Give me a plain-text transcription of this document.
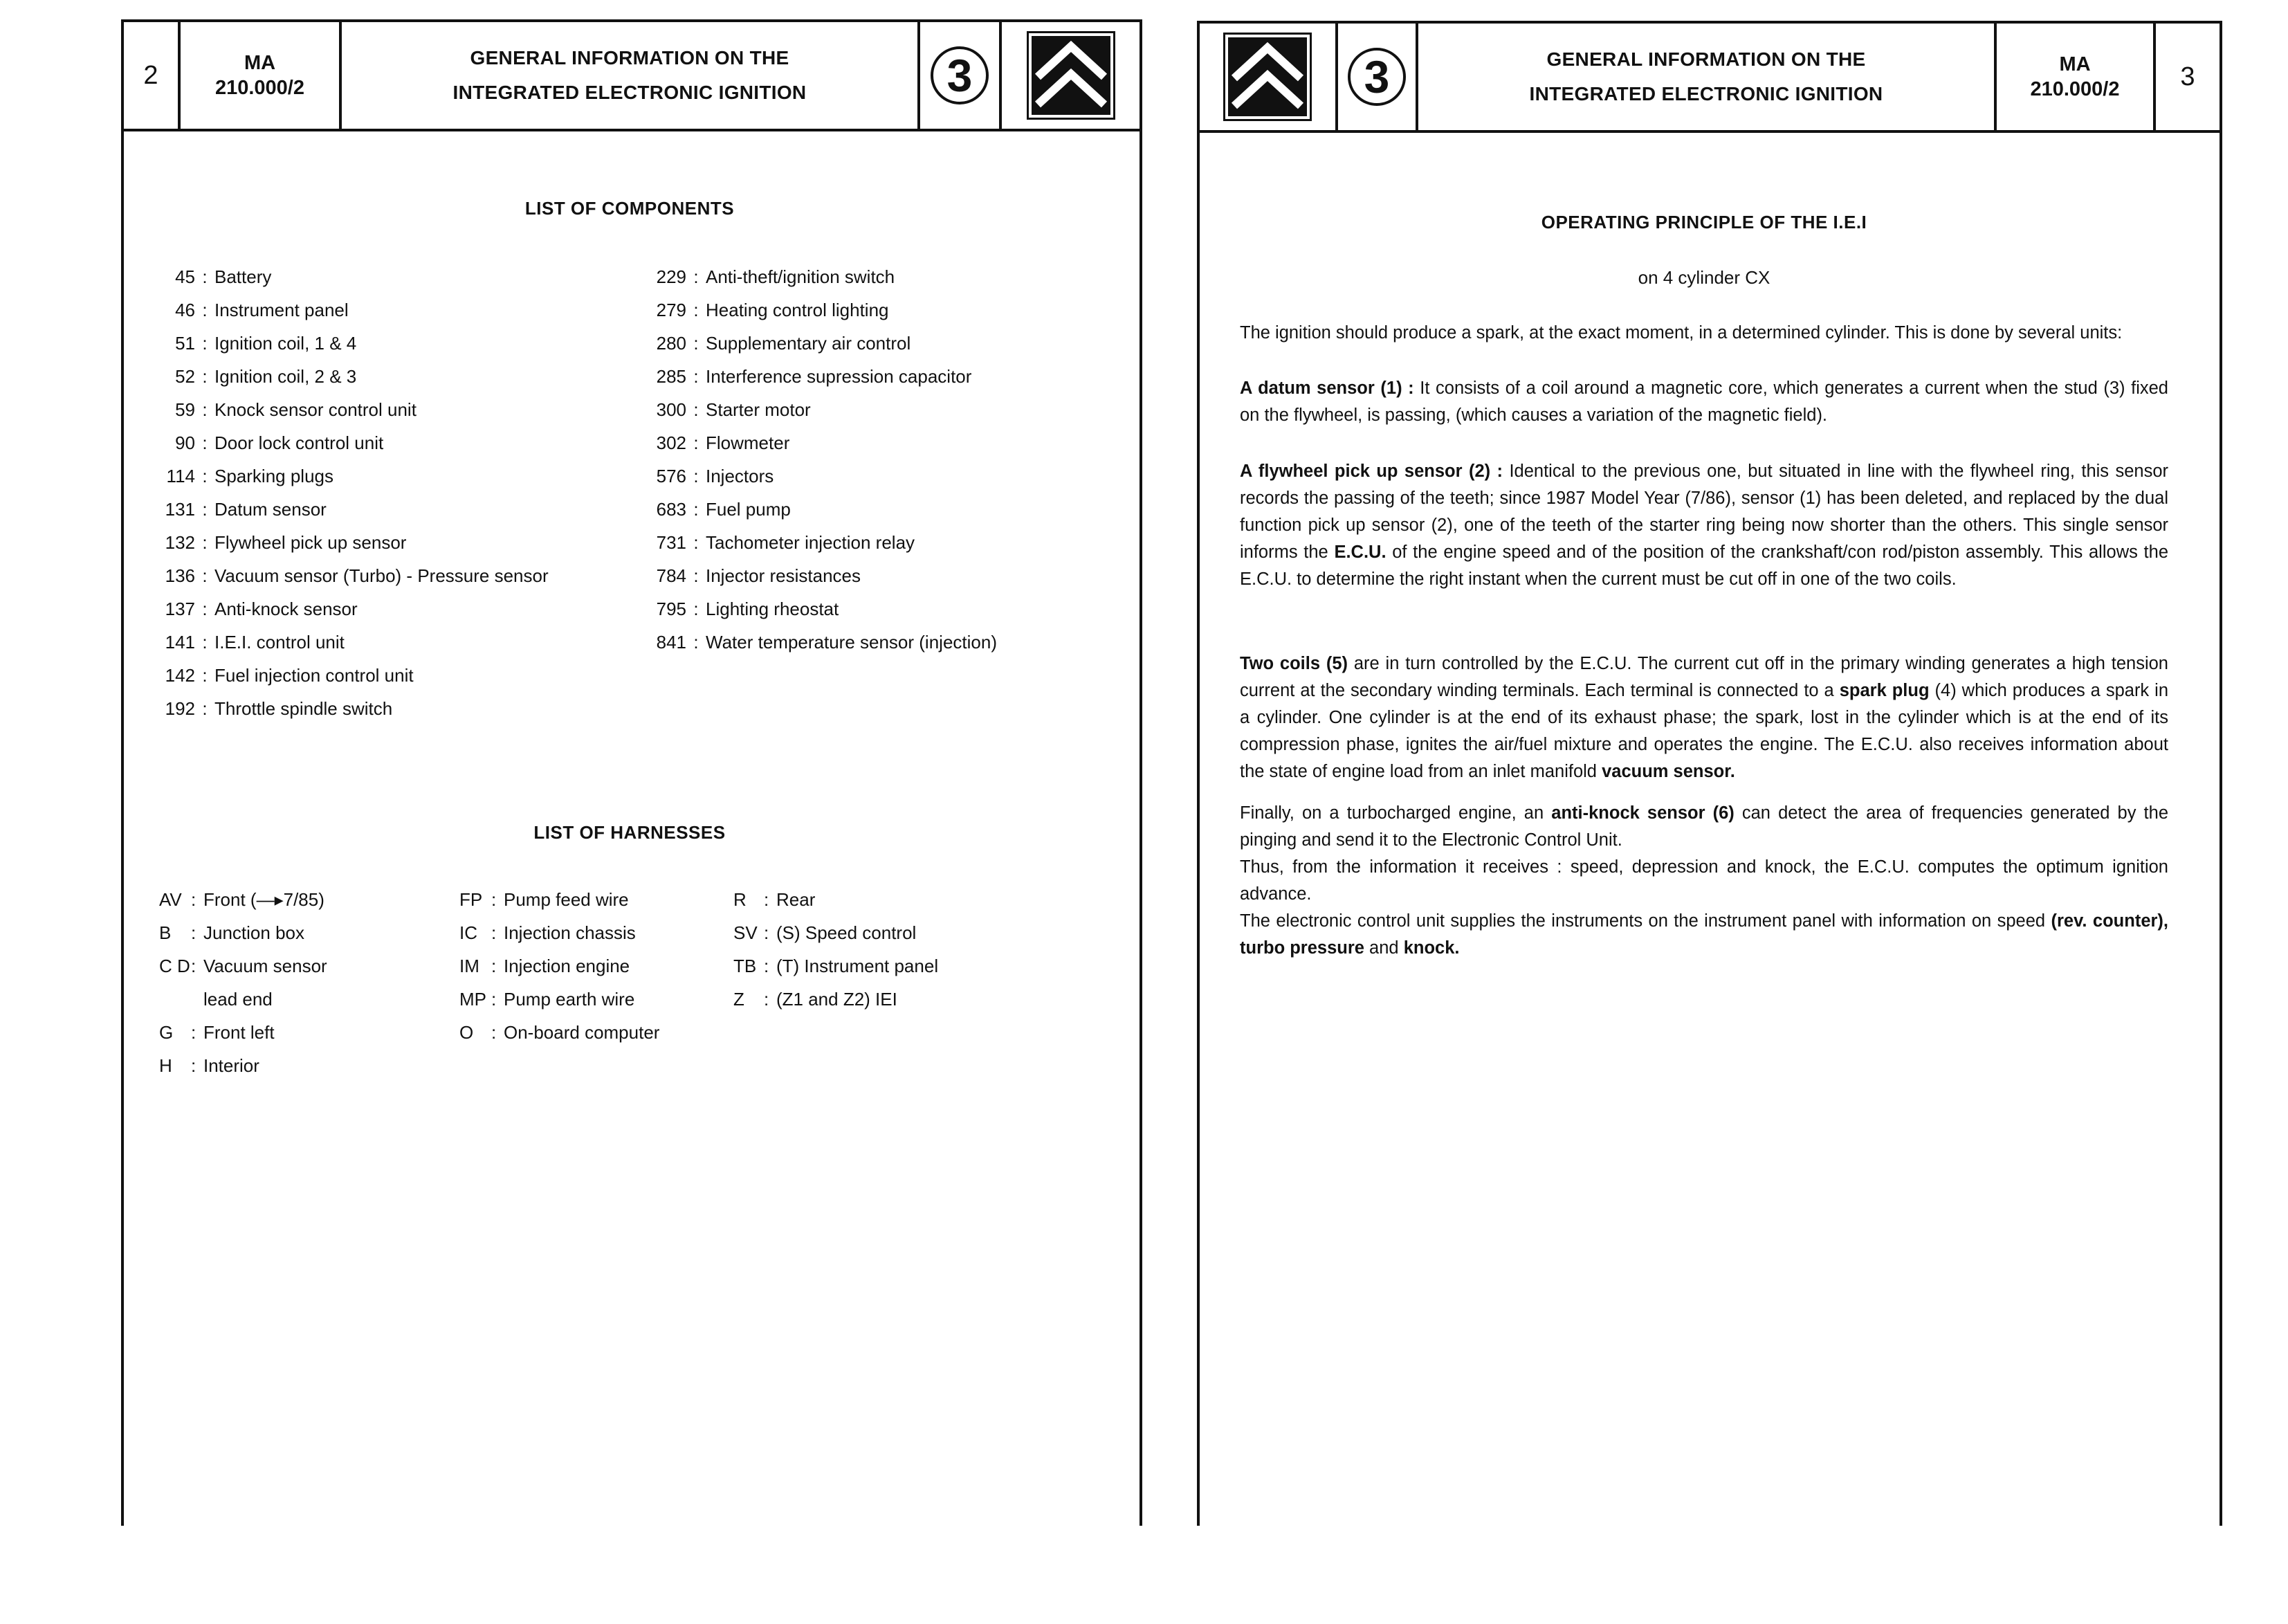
2	MA
210.000/2
GENERAL INFORMATION ON THE
INTEGRATED ELECTRONIC IGNITION	3
LIST OF COMPONENTS
45 : Battery
46 : Instrument panel
51 : Ignition coil, 1 & 4
52 : Ignition coil, 2 & 3
59 : Knock sensor control unit
90 : Door lock control unit
114 : Sparking plugs
131 : Datum sensor
132 : Flywheel pick up sensor
136 : Vacuum sensor (Turbo) - Pressure sensor
137 : Anti-knock sensor
141 : I.E.I. control unit
142 : Fuel injection control unit
192 : Throttle spindle switch
229 : Anti-theft/ignition switch
279 : Heating control lighting
280 : Supplementary air control
285 : Interference supression capacitor
300 : Starter motor
302 : Flowmeter
576 : Injectors
683 : Fuel pump
731 : Tachometer injection relay
784 : Injector resistances
795 : Lighting rheostat
841 : Water temperature sensor (injection)
LIST OF HARNESSES
AV : Front (—▸7/85)
B	: Junction box
C D : Vacuum sensor
lead end
G : Front left
H	: Interior
FP : Pump feed wire
IC : Injection chassis
IM : Injection engine
MP : Pump earth wire
O : On-board computer
R : Rear
SV : (S) Speed control
TB : (T) Instrument panel
Z	: (Z1 and Z2) IEI
3	GENERAL INFORMATION ON THE
INTEGRATED ELECTRONIC IGNITION
MA
210.000/2 3
OPERATING PRINCIPLE OF THE I.E.I
on 4 cylinder CX
The ignition should produce a spark, at the exact moment, in a determined cylinder. This is done by several units:
A datum sensor (1) : It consists of a coil around a magnetic core, which generates a current when the stud (3) fixed on the flywheel, is passing, (which causes a variation of the magnetic field).
A flywheel pick up sensor (2) : Identical to the previous one, but situated in line with the flywheel ring, this sensor records the passing of the teeth; since 1987 Model Year (7/86), sensor (1) has been deleted, and replaced by the dual function pick up sensor (2), one of the teeth of the starter ring being now shorter than the others. This single sensor informs the E.C.U. of the engine speed and of the position of the crankshaft/con rod/piston assembly. This allows the E.C.U. to determine the right instant when the current must be cut off in one of the two coils.
Two coils (5) are in turn controlled by the E.C.U. The current cut off in the primary winding generates a high tension current at the secondary winding terminals. Each terminal is connected to a spark plug (4) which produces a spark in a cylinder. One cylinder is at the end of its exhaust phase; the spark, lost in the cylinder which is at the end of its compression phase, ignites the air/fuel mixture and operates the engine. The E.C.U. also receives information about the state of engine load from an inlet manifold vacuum sensor.
Finally, on a turbocharged engine, an anti-knock sensor (6) can detect the area of frequencies generated by the pinging and send it to the Electronic Control Unit.
Thus, from the information it receives : speed, depression and knock, the E.C.U. computes the optimum ignition advance.
The electronic control unit supplies the instruments on the instrument panel with information on speed (rev. counter), turbo pressure and knock.
